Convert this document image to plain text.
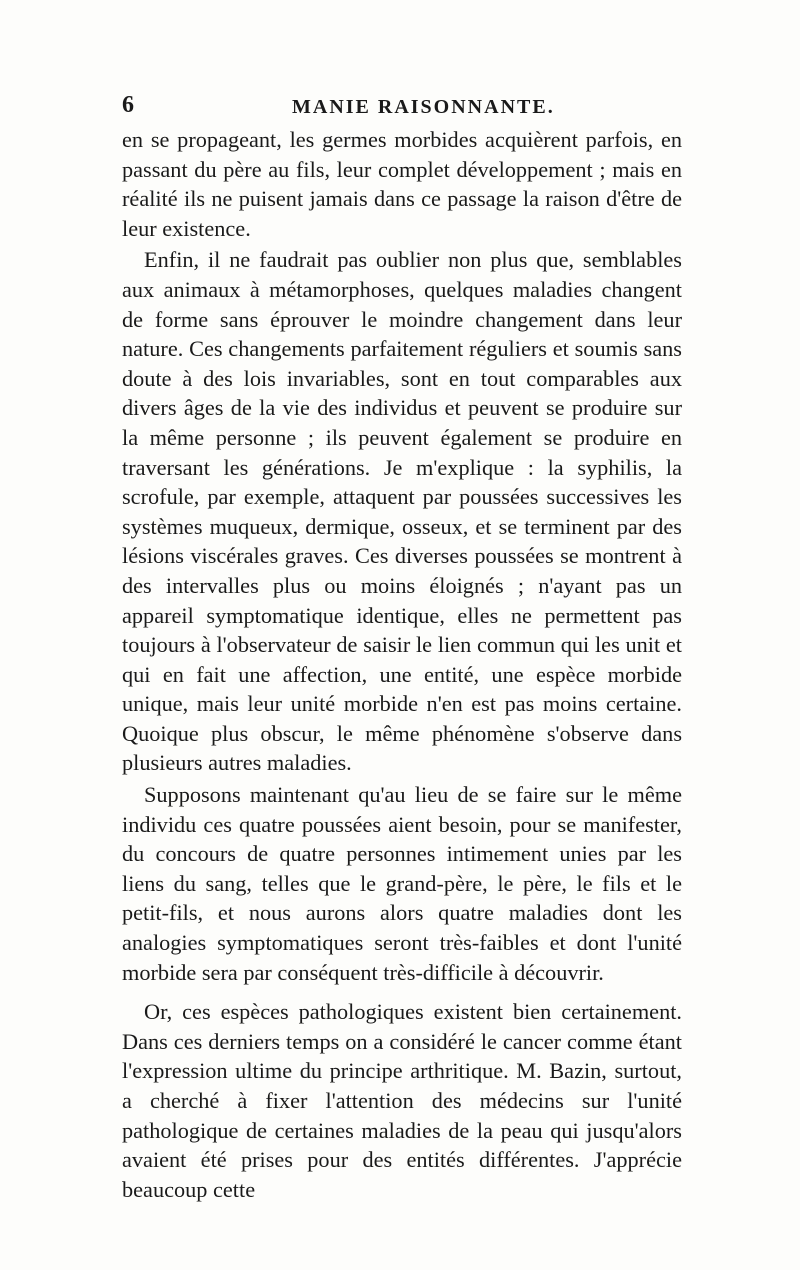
6	MANIE RAISONNANTE.

en se propageant, les germes morbides acquièrent parfois, en passant du père au fils, leur complet développement ; mais en réalité ils ne puisent jamais dans ce passage la raison d'être de leur existence.

Enfin, il ne faudrait pas oublier non plus que, semblables aux animaux à métamorphoses, quelques maladies changent de forme sans éprouver le moindre changement dans leur nature. Ces changements parfaitement réguliers et soumis sans doute à des lois invariables, sont en tout comparables aux divers âges de la vie des individus et peuvent se produire sur la même personne ; ils peuvent également se produire en traversant les générations. Je m'explique : la syphilis, la scrofule, par exemple, attaquent par poussées successives les systèmes muqueux, dermique, osseux, et se terminent par des lésions viscérales graves. Ces diverses poussées se montrent à des intervalles plus ou moins éloignés ; n'ayant pas un appareil symptomatique identique, elles ne permettent pas toujours à l'observateur de saisir le lien commun qui les unit et qui en fait une affection, une entité, une espèce morbide unique, mais leur unité morbide n'en est pas moins certaine. Quoique plus obscur, le même phénomène s'observe dans plusieurs autres maladies.

Supposons maintenant qu'au lieu de se faire sur le même individu ces quatre poussées aient besoin, pour se manifester, du concours de quatre personnes intimement unies par les liens du sang, telles que le grand-père, le père, le fils et le petit-fils, et nous aurons alors quatre maladies dont les analogies symptomatiques seront très-faibles et dont l'unité morbide sera par conséquent très-difficile à découvrir.

Or, ces espèces pathologiques existent bien certainement. Dans ces derniers temps on a considéré le cancer comme étant l'expression ultime du principe arthritique. M. Bazin, surtout, a cherché à fixer l'attention des médecins sur l'unité pathologique de certaines maladies de la peau qui jusqu'alors avaient été prises pour des entités différentes. J'apprécie beaucoup cette
